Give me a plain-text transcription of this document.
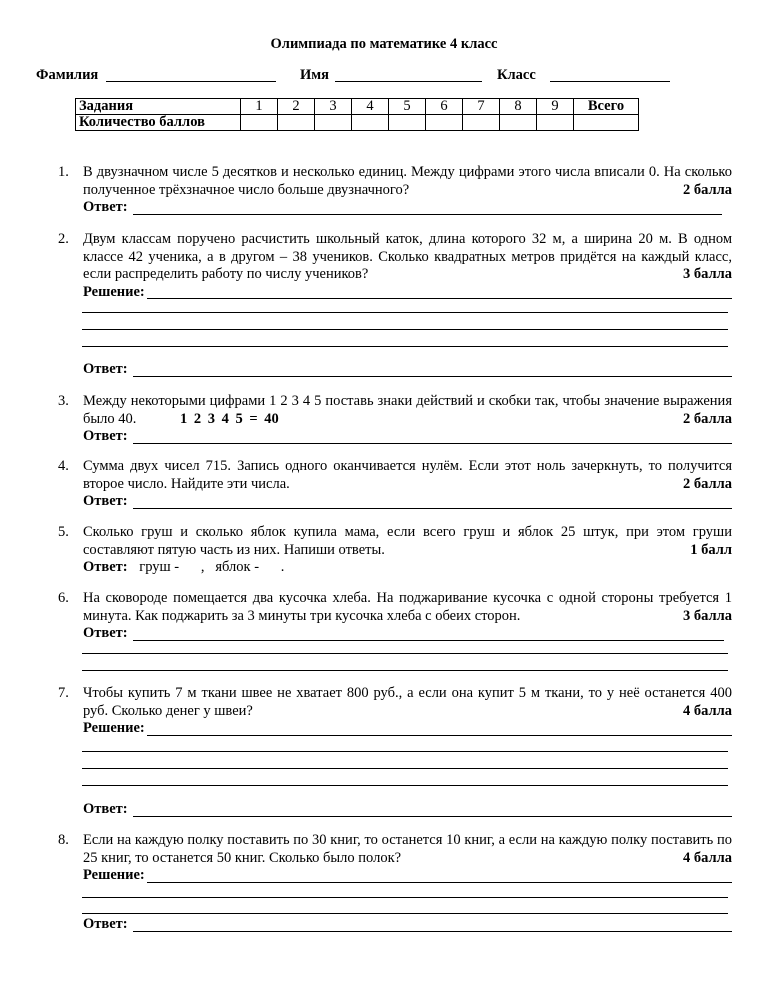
Олимпиада по математике 4 класс
Фамилия	Имя	Класс
Задания	1	2	3	4	5	6	7	8	9	Всего
Количество баллов										
1. В двузначном числе 5 десятков и несколько единиц. Между цифрами этого числа вписали 0. На сколько полученное трёхзначное число больше двузначного?	2 балла
Ответ:
2. Двум классам поручено расчистить школьный каток, длина которого 32 м, а ширина 20 м. В одном классе 42 ученика, а в другом – 38 учеников. Сколько квадратных метров придётся на каждый класс, если распределить работу по числу учеников?	3 балла
Решение:
Ответ:
3. Между некоторыми цифрами 1 2 3 4 5 поставь знаки действий и скобки так, чтобы значение выражения было 40.	1 2 3 4 5 = 40	2 балла
Ответ:
4. Сумма двух чисел 715. Запись одного оканчивается нулём. Если этот ноль зачеркнуть, то получится второе число. Найдите эти числа.	2 балла
Ответ:
5. Сколько груш и сколько яблок купила мама, если всего груш и яблок 25 штук, при этом груши составляют пятую часть из них. Напиши ответы.	1 балл
Ответ: груш -      ,   яблок -      .
6. На сковороде помещается два кусочка хлеба. На поджаривание кусочка с одной стороны требуется 1 минута. Как поджарить за 3 минуты три кусочка хлеба с обеих сторон.	3 балла
Ответ:
7. Чтобы купить 7 м ткани швее не хватает 800 руб., а если она купит 5 м ткани, то у неё останется 400 руб. Сколько денег у швеи?	4 балла
Решение:
Ответ:
8. Если на каждую полку поставить по 30 книг, то останется 10 книг, а если на каждую полку поставить по 25 книг, то останется 50 книг. Сколько было полок?	4 балла
Решение:
Ответ:
